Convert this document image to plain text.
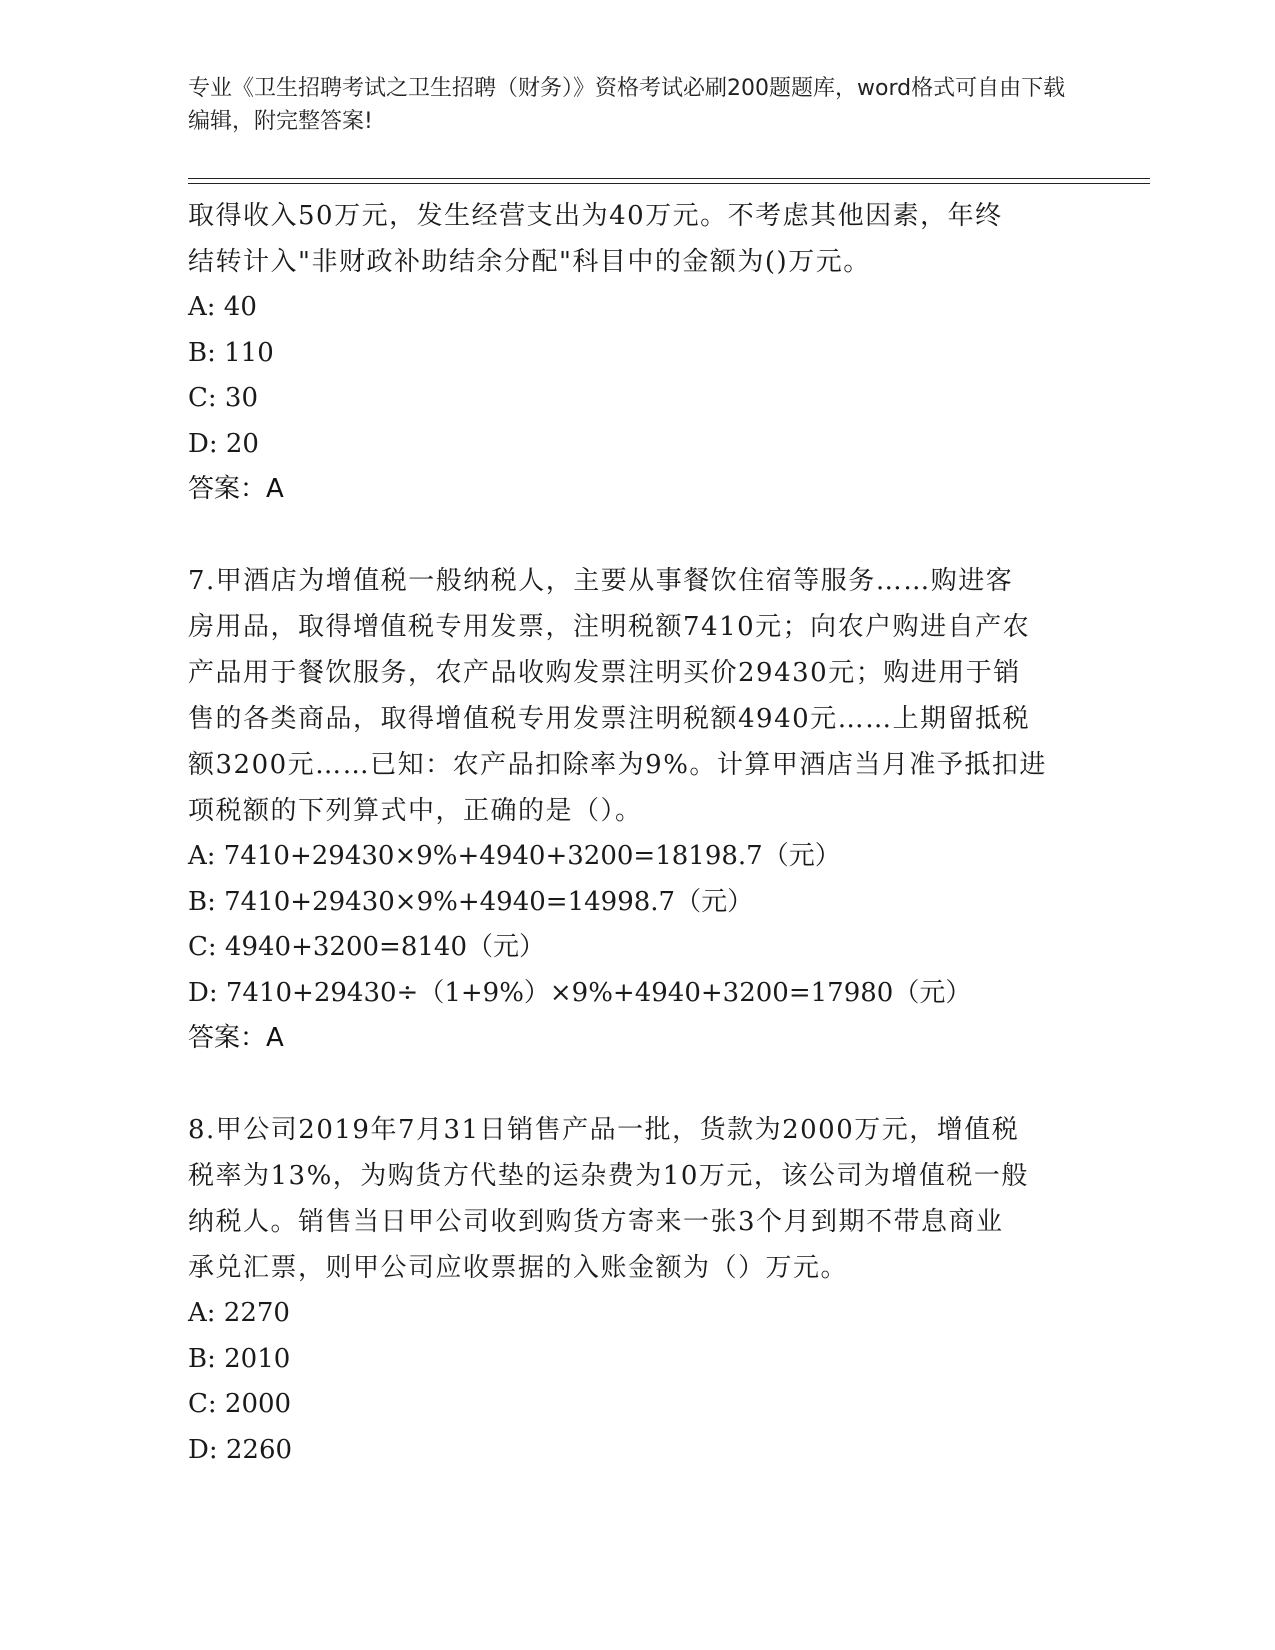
专业《卫生招聘考试之卫生招聘（财务）》资格考试必刷200题题库，word格式可自由下载编辑，附完整答案!
取得收入50万元，发生经营支出为40万元。不考虑其他因素，年终
结转计入"非财政补助结余分配"科目中的金额为()万元。
A: 40
B: 110
C: 30
D: 20
答案：A
7.甲酒店为增值税一般纳税人，主要从事餐饮住宿等服务……购进客
房用品，取得增值税专用发票，注明税额7410元；向农户购进自产农
产品用于餐饮服务，农产品收购发票注明买价29430元；购进用于销
售的各类商品，取得增值税专用发票注明税额4940元……上期留抵税
额3200元……已知：农产品扣除率为9%。计算甲酒店当月准予抵扣进
项税额的下列算式中，正确的是（）。
A: 7410+29430×9%+4940+3200=18198.7（元）
B: 7410+29430×9%+4940=14998.7（元）
C: 4940+3200=8140（元）
D: 7410+29430÷（1+9%）×9%+4940+3200=17980（元）
答案：A
8.甲公司2019年7月31日销售产品一批，货款为2000万元，增值税
税率为13%，为购货方代垫的运杂费为10万元，该公司为增值税一般
纳税人。销售当日甲公司收到购货方寄来一张3个月到期不带息商业
承兑汇票，则甲公司应收票据的入账金额为（）万元。
A: 2270
B: 2010
C: 2000
D: 2260
